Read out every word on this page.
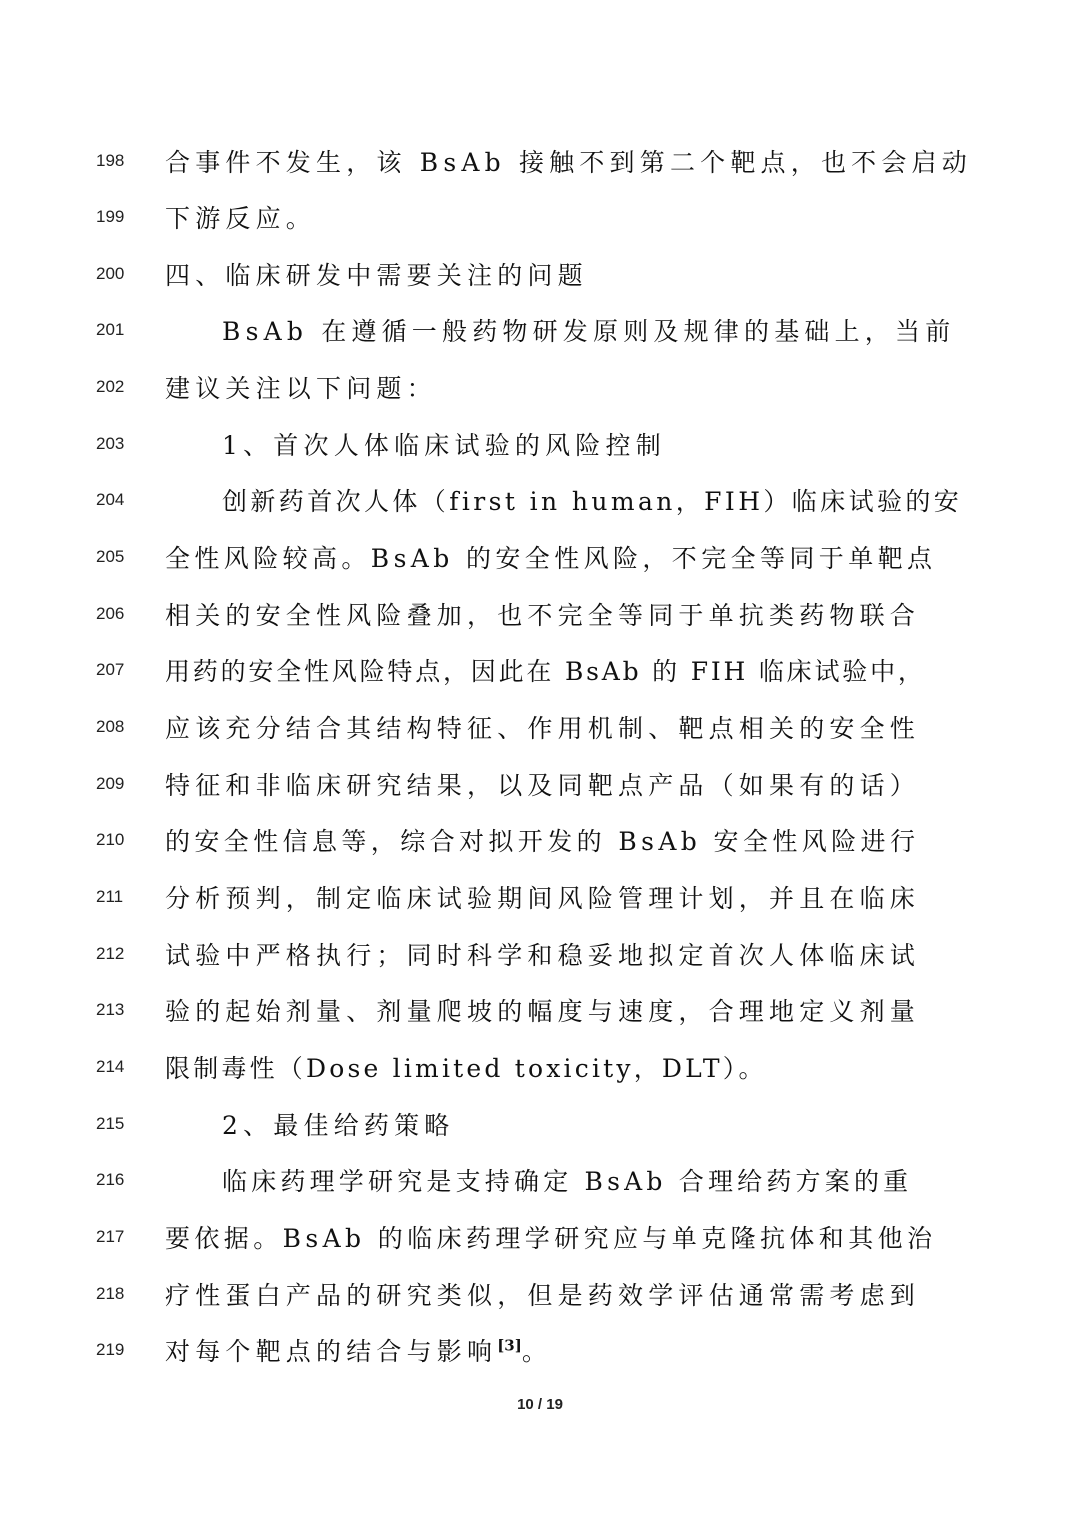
198	合事件不发生，该 BsAb 接触不到第二个靶点，也不会启动
199	下游反应。
200	四、临床研发中需要关注的问题
201	BsAb 在遵循一般药物研发原则及规律的基础上，当前
202	建议关注以下问题：
203	1、首次人体临床试验的风险控制
204	创新药首次人体（first in human，FIH）临床试验的安
205	全性风险较高。BsAb 的安全性风险，不完全等同于单靶点
206	相关的安全性风险叠加，也不完全等同于单抗类药物联合
207	用药的安全性风险特点，因此在 BsAb 的 FIH 临床试验中，
208	应该充分结合其结构特征、作用机制、靶点相关的安全性
209	特征和非临床研究结果，以及同靶点产品（如果有的话）
210	的安全性信息等，综合对拟开发的 BsAb 安全性风险进行
211	分析预判，制定临床试验期间风险管理计划，并且在临床
212	试验中严格执行；同时科学和稳妥地拟定首次人体临床试
213	验的起始剂量、剂量爬坡的幅度与速度，合理地定义剂量
214	限制毒性（Dose limited toxicity，DLT）。
215	2、最佳给药策略
216	临床药理学研究是支持确定 BsAb 合理给药方案的重
217	要依据。BsAb 的临床药理学研究应与单克隆抗体和其他治
218	疗性蛋白产品的研究类似，但是药效学评估通常需考虑到
219	对每个靶点的结合与影响[3]。
10 / 19
